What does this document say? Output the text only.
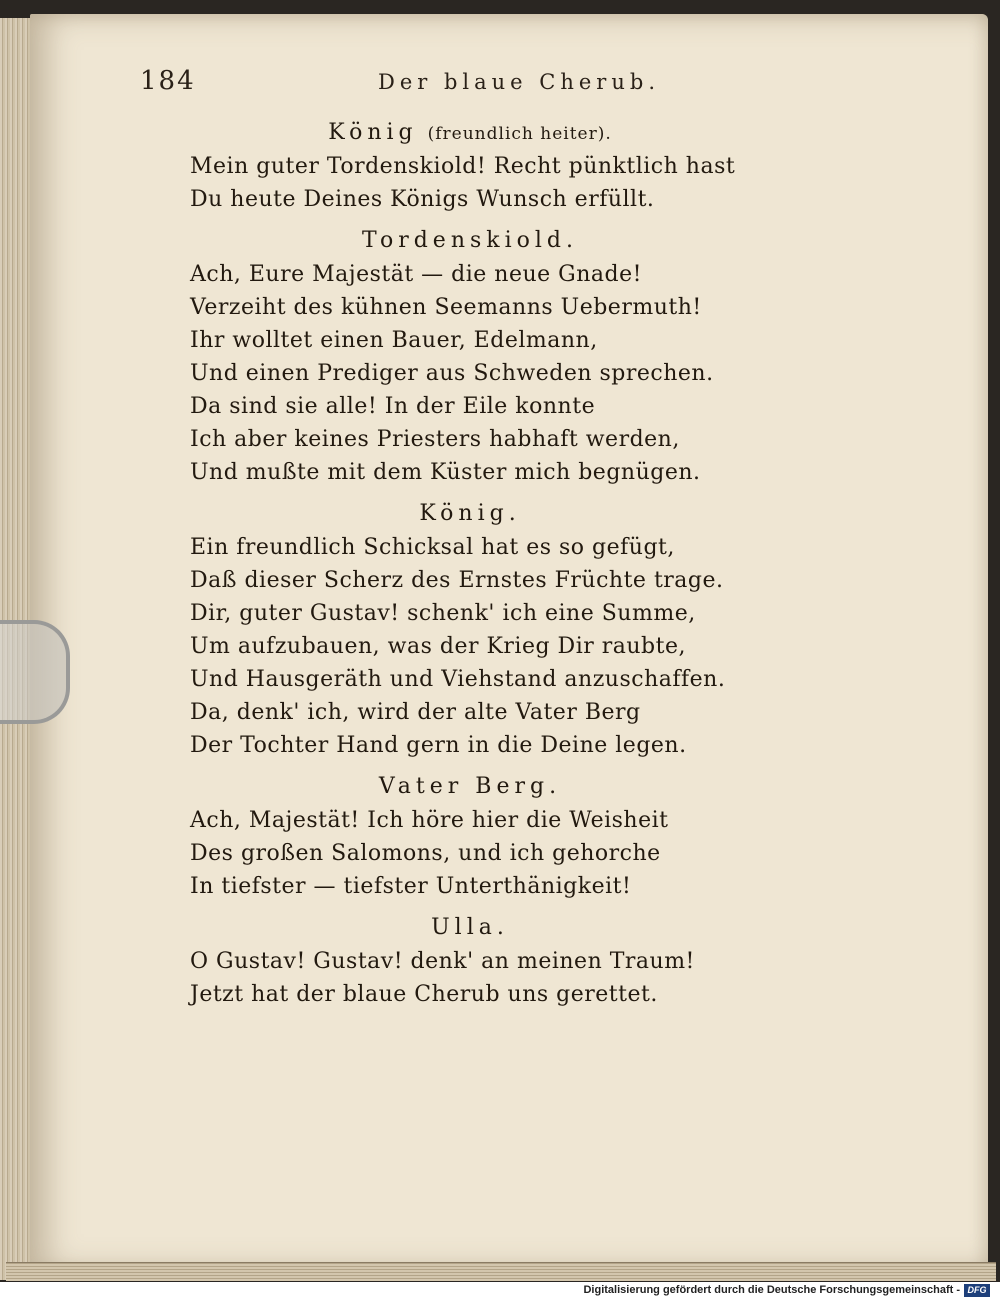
184	Der blaue Cherub.
König (freundlich heiter).
Mein guter Tordenskiold! Recht pünktlich hast
Du heute Deines Königs Wunsch erfüllt.
Tordenskiold.
Ach, Eure Majestät — die neue Gnade!
Verzeiht des kühnen Seemanns Uebermuth!
Ihr wolltet einen Bauer, Edelmann,
Und einen Prediger aus Schweden sprechen.
Da sind sie alle! In der Eile konnte
Ich aber keines Priesters habhaft werden,
Und mußte mit dem Küster mich begnügen.
König.
Ein freundlich Schicksal hat es so gefügt,
Daß dieser Scherz des Ernstes Früchte trage.
Dir, guter Gustav! schenk' ich eine Summe,
Um aufzubauen, was der Krieg Dir raubte,
Und Hausgeräth und Viehstand anzuschaffen.
Da, denk' ich, wird der alte Vater Berg
Der Tochter Hand gern in die Deine legen.
Vater Berg.
Ach, Majestät! Ich höre hier die Weisheit
Des großen Salomons, und ich gehorche
In tiefster — tiefster Unterthänigkeit!
Ulla.
O Gustav! Gustav! denk' an meinen Traum!
Jetzt hat der blaue Cherub uns gerettet.
Digitalisierung gefördert durch die Deutsche Forschungsgemeinschaft - DFG
